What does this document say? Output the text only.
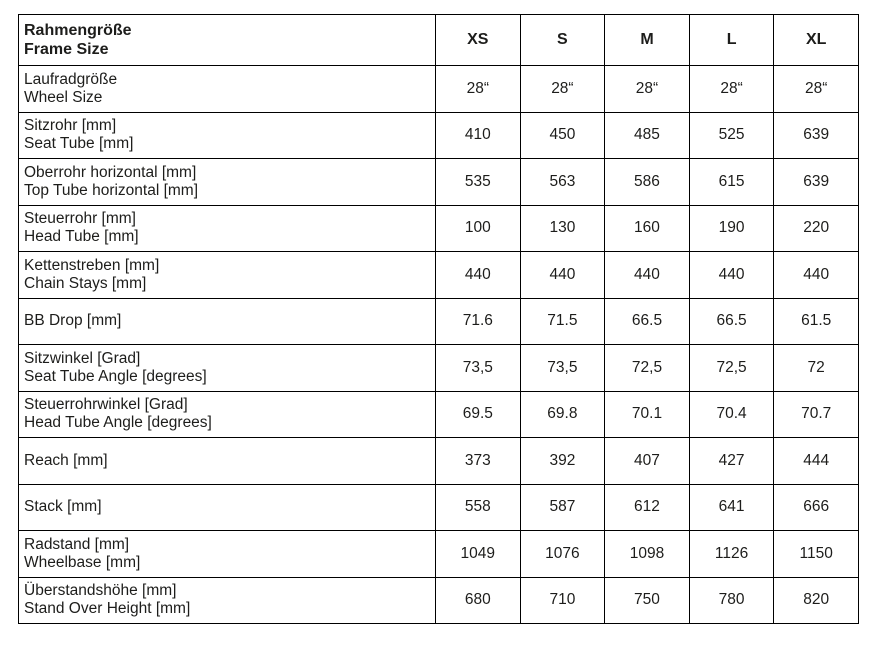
Rahmengröße
Frame Size	XS	S	M	L	XL

Laufradgröße
Wheel Size	28“	28“	28“	28“	28“

Sitzrohr [mm]
Seat Tube [mm]	410	450	485	525	639

Oberrohr horizontal [mm]
Top Tube horizontal [mm]	535	563	586	615	639

Steuerrohr [mm]
Head Tube [mm]	100	130	160	190	220

Kettenstreben [mm]
Chain Stays [mm]	440	440	440	440	440

BB Drop [mm]	71.6	71.5	66.5	66.5	61.5

Sitzwinkel [Grad]
Seat Tube Angle [degrees]	73,5	73,5	72,5	72,5	72

Steuerrohrwinkel [Grad]
Head Tube Angle [degrees]	69.5	69.8	70.1	70.4	70.7

Reach [mm]	373	392	407	427	444

Stack [mm]	558	587	612	641	666

Radstand [mm]
Wheelbase [mm]	1049	1076	1098	1126	1150

Überstandshöhe [mm]
Stand Over Height [mm]	680	710	750	780	820
